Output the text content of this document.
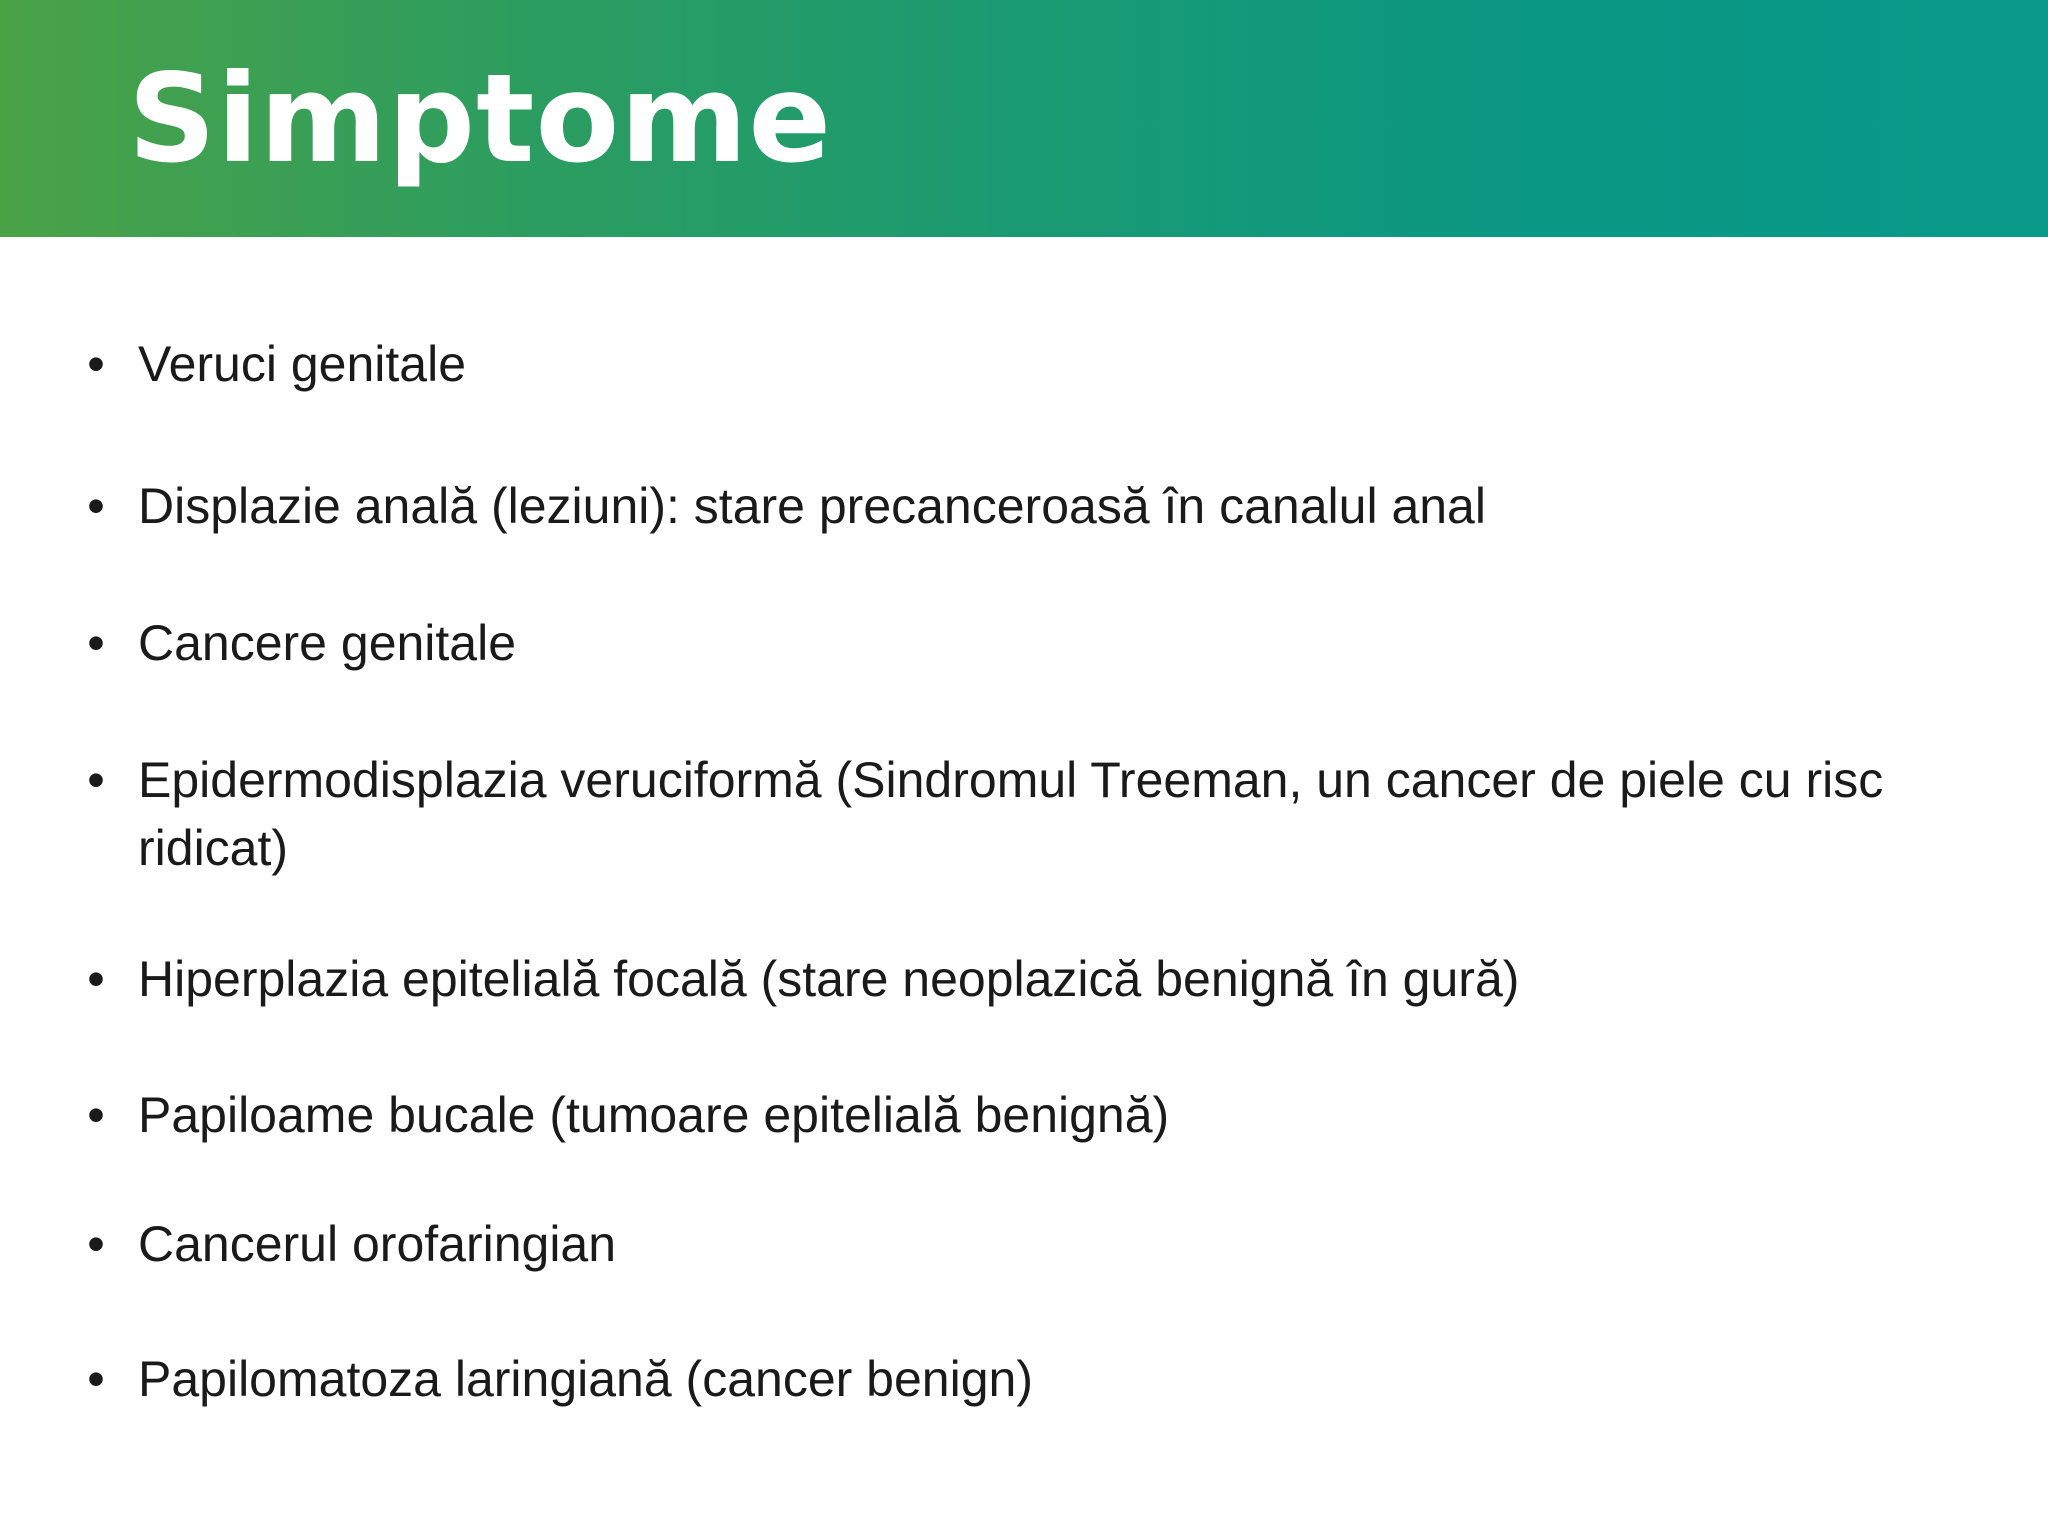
Simptome
• Veruci genitale
• Displazie anală (leziuni): stare precanceroasă în canalul anal
• Cancere genitale
• Epidermodisplazia veruciformă (Sindromul Treeman, un cancer de piele cu risc ridicat)
• Hiperplazia epitelială focală (stare neoplazică benignă în gură)
• Papiloame bucale (tumoare epitelială benignă)
• Cancerul orofaringian
• Papilomatoza laringiană (cancer benign)
